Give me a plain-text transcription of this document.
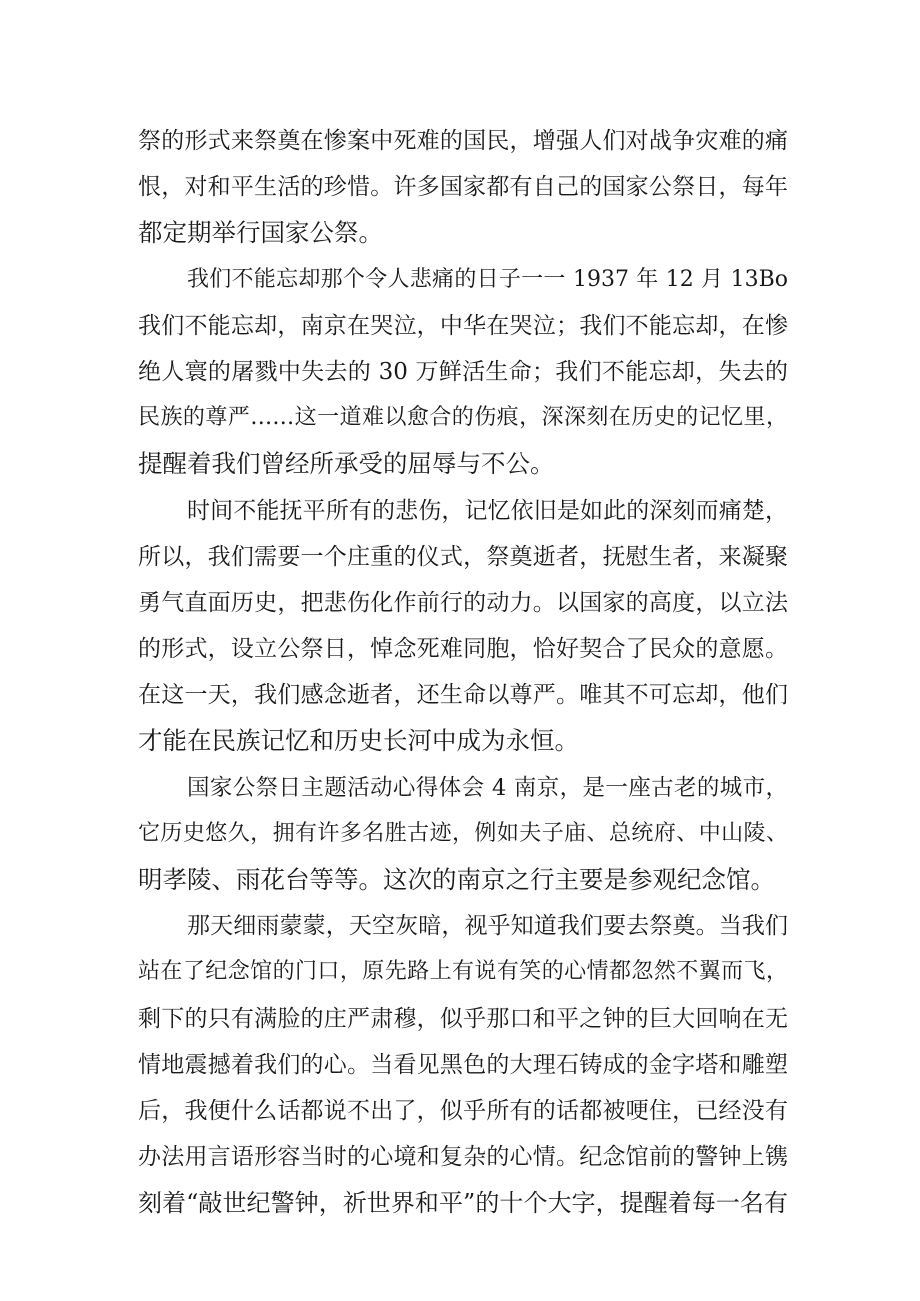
祭的形式来祭奠在惨案中死难的国民，增强人们对战争灾难的痛
恨，对和平生活的珍惜。许多国家都有自己的国家公祭日，每年
都定期举行国家公祭。
我们不能忘却那个令人悲痛的日子一一 1937 年 12 月 13Bo
我们不能忘却，南京在哭泣，中华在哭泣；我们不能忘却，在惨
绝人寰的屠戮中失去的 30 万鲜活生命；我们不能忘却，失去的
民族的尊严……这一道难以愈合的伤痕，深深刻在历史的记忆里，
提醒着我们曾经所承受的屈辱与不公。
时间不能抚平所有的悲伤，记忆依旧是如此的深刻而痛楚，
所以，我们需要一个庄重的仪式，祭奠逝者，抚慰生者，来凝聚
勇气直面历史，把悲伤化作前行的动力。以国家的高度，以立法
的形式，设立公祭日，悼念死难同胞，恰好契合了民众的意愿。
在这一天，我们感念逝者，还生命以尊严。唯其不可忘却，他们
才能在民族记忆和历史长河中成为永恒。
国家公祭日主题活动心得体会 4 南京，是一座古老的城市，
它历史悠久，拥有许多名胜古迹，例如夫子庙、总统府、中山陵、
明孝陵、雨花台等等。这次的南京之行主要是参观纪念馆。
那天细雨蒙蒙，天空灰暗，视乎知道我们要去祭奠。当我们
站在了纪念馆的门口，原先路上有说有笑的心情都忽然不翼而飞，
剩下的只有满脸的庄严肃穆，似乎那口和平之钟的巨大回响在无
情地震撼着我们的心。当看见黑色的大理石铸成的金字塔和雕塑
后，我便什么话都说不出了，似乎所有的话都被哽住，已经没有
办法用言语形容当时的心境和复杂的心情。纪念馆前的警钟上镌
刻着“敲世纪警钟，祈世界和平”的十个大字，提醒着每一名有
